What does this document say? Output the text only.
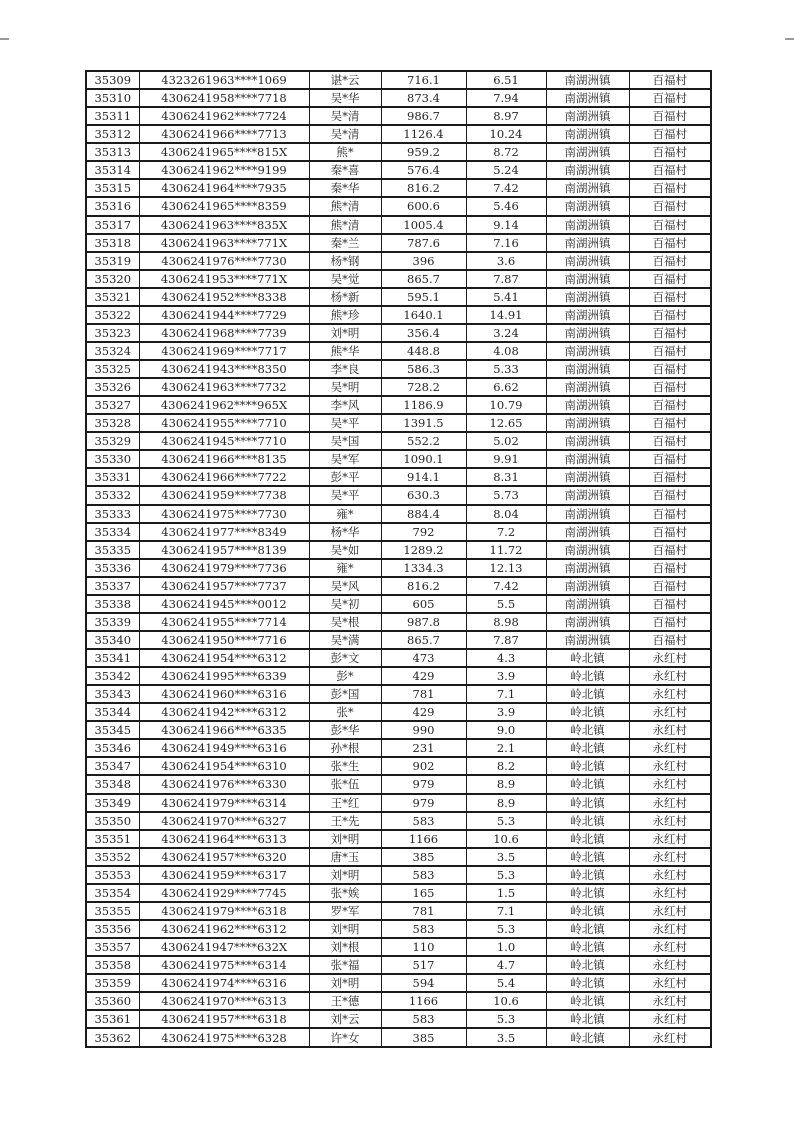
35309	4323261963****1069	谌*云	716.1	6.51	南湖洲镇	百福村
35310	4306241958****7718	吴*华	873.4	7.94	南湖洲镇	百福村
35311	4306241962****7724	吴*清	986.7	8.97	南湖洲镇	百福村
35312	4306241966****7713	吴*清	1126.4	10.24	南湖洲镇	百福村
35313	4306241965****815X	熊*	959.2	8.72	南湖洲镇	百福村
35314	4306241962****9199	秦*喜	576.4	5.24	南湖洲镇	百福村
35315	4306241964****7935	秦*华	816.2	7.42	南湖洲镇	百福村
35316	4306241965****8359	熊*清	600.6	5.46	南湖洲镇	百福村
35317	4306241963****835X	熊*清	1005.4	9.14	南湖洲镇	百福村
35318	4306241963****771X	秦*兰	787.6	7.16	南湖洲镇	百福村
35319	4306241976****7730	杨*钢	396	3.6	南湖洲镇	百福村
35320	4306241953****771X	吴*觉	865.7	7.87	南湖洲镇	百福村
35321	4306241952****8338	杨*新	595.1	5.41	南湖洲镇	百福村
35322	4306241944****7729	熊*珍	1640.1	14.91	南湖洲镇	百福村
35323	4306241968****7739	刘*明	356.4	3.24	南湖洲镇	百福村
35324	4306241969****7717	熊*华	448.8	4.08	南湖洲镇	百福村
35325	4306241943****8350	李*良	586.3	5.33	南湖洲镇	百福村
35326	4306241963****7732	吴*明	728.2	6.62	南湖洲镇	百福村
35327	4306241962****965X	李*风	1186.9	10.79	南湖洲镇	百福村
35328	4306241955****7710	吴*平	1391.5	12.65	南湖洲镇	百福村
35329	4306241945****7710	吴*国	552.2	5.02	南湖洲镇	百福村
35330	4306241966****8135	吴*军	1090.1	9.91	南湖洲镇	百福村
35331	4306241966****7722	彭*平	914.1	8.31	南湖洲镇	百福村
35332	4306241959****7738	吴*平	630.3	5.73	南湖洲镇	百福村
35333	4306241975****7730	雍*	884.4	8.04	南湖洲镇	百福村
35334	4306241977****8349	杨*华	792	7.2	南湖洲镇	百福村
35335	4306241957****8139	吴*如	1289.2	11.72	南湖洲镇	百福村
35336	4306241979****7736	雍*	1334.3	12.13	南湖洲镇	百福村
35337	4306241957****7737	吴*风	816.2	7.42	南湖洲镇	百福村
35338	4306241945****0012	吴*初	605	5.5	南湖洲镇	百福村
35339	4306241955****7714	吴*根	987.8	8.98	南湖洲镇	百福村
35340	4306241950****7716	吴*满	865.7	7.87	南湖洲镇	百福村
35341	4306241954****6312	彭*文	473	4.3	岭北镇	永红村
35342	4306241995****6339	彭*	429	3.9	岭北镇	永红村
35343	4306241960****6316	彭*国	781	7.1	岭北镇	永红村
35344	4306241942****6312	张*	429	3.9	岭北镇	永红村
35345	4306241966****6335	彭*华	990	9.0	岭北镇	永红村
35346	4306241949****6316	孙*根	231	2.1	岭北镇	永红村
35347	4306241954****6310	张*生	902	8.2	岭北镇	永红村
35348	4306241976****6330	张*伍	979	8.9	岭北镇	永红村
35349	4306241979****6314	王*红	979	8.9	岭北镇	永红村
35350	4306241970****6327	王*先	583	5.3	岭北镇	永红村
35351	4306241964****6313	刘*明	1166	10.6	岭北镇	永红村
35352	4306241957****6320	唐*玉	385	3.5	岭北镇	永红村
35353	4306241959****6317	刘*明	583	5.3	岭北镇	永红村
35354	4306241929****7745	张*娭	165	1.5	岭北镇	永红村
35355	4306241979****6318	罗*军	781	7.1	岭北镇	永红村
35356	4306241962****6312	刘*明	583	5.3	岭北镇	永红村
35357	4306241947****632X	刘*根	110	1.0	岭北镇	永红村
35358	4306241975****6314	张*福	517	4.7	岭北镇	永红村
35359	4306241974****6316	刘*明	594	5.4	岭北镇	永红村
35360	4306241970****6313	王*德	1166	10.6	岭北镇	永红村
35361	4306241957****6318	刘*云	583	5.3	岭北镇	永红村
35362	4306241975****6328	许*女	385	3.5	岭北镇	永红村
